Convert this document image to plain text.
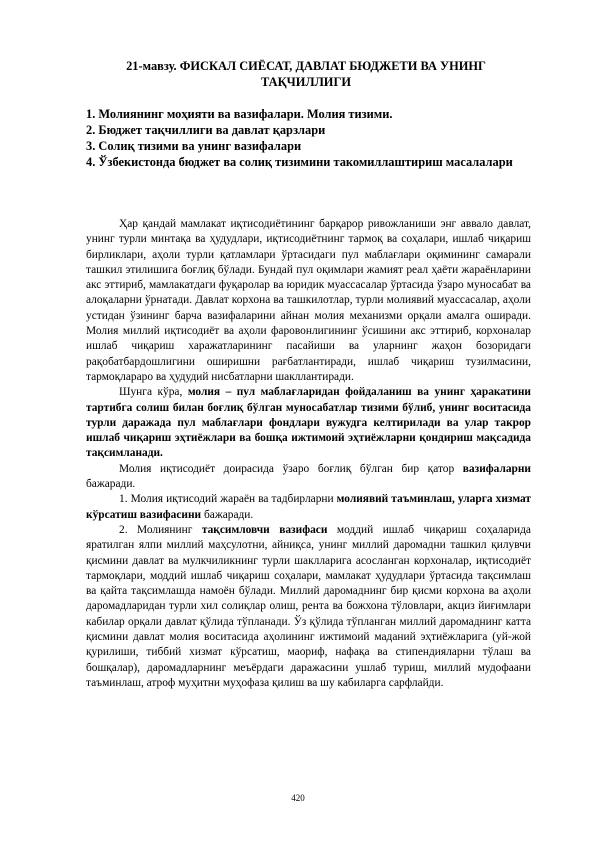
21-мавзу. ФИСКАЛ СИЁСАТ, ДАВЛАТ БЮДЖЕТИ ВА УНИНГ
ТАҚЧИЛЛИГИ
1. Молиянинг моҳияти ва вазифалари. Молия тизими.
2. Бюджет тақчиллиги ва давлат қарзлари
3. Солиқ тизими ва унинг вазифалари
4. Ўзбекистонда бюджет ва солиқ тизимини такомиллаштириш масалалари

Ҳар қандай мамлакат иқтисодиётининг барқарор ривожланиши энг аввало давлат, унинг турли минтақа ва ҳудудлари, иқтисодиётнинг тармоқ ва соҳалари, ишлаб чиқариш бирликлари, аҳоли турли қатламлари ўртасидаги пул маблағлари оқимининг самарали ташкил этилишига боғлиқ бўлади. Бундай пул оқимлари жамият реал ҳаёти жараёнларини акс эттириб, мамлакатдаги фуқаролар ва юридик муассасалар ўртасида ўзаро муносабат ва алоқаларни ўрнатади. Давлат корхона ва ташкилотлар, турли молиявий муассасалар, аҳоли устидан ўзининг барча вазифаларини айнан молия механизми орқали амалга оширади. Молия миллий иқтисодиёт ва аҳоли фаровонлигининг ўсишини акс эттириб, корхоналар ишлаб чиқариш харажатларининг пасайиши ва уларнинг жаҳон бозоридаги рақобатбардошлигини оширишни рағбатлантиради, ишлаб чиқариш тузилмасини, тармоқлараро ва ҳудудий нисбатларни шакллантиради.

Шунга кўра, молия – пул маблағларидан фойдаланиш ва унинг ҳаракатини тартибга солиш билан боғлиқ бўлган муносабатлар тизими бўлиб, унинг воситасида турли даражада пул маблағлари фондлари вужудга келтирилади ва улар такрор ишлаб чиқариш эҳтиёжлари ва бошқа ижтимоий эҳтиёжларни қондириш мақсадида тақсимланади.

Молия иқтисодиёт доирасида ўзаро боғлиқ бўлган бир қатор вазифаларни бажаради.

1. Молия иқтисодий жараён ва тадбирларни молиявий таъминлаш, уларга хизмат кўрсатиш вазифасини бажаради.

2. Молиянинг тақсимловчи вазифаси моддий ишлаб чиқариш соҳаларида яратилган ялпи миллий маҳсулотни, айниқса, унинг миллий даромадни ташкил қилувчи қисмини давлат ва мулкчиликнинг турли шаклларига асосланган корхоналар, иқтисодиёт тармоқлари, моддий ишлаб чиқариш соҳалари, мамлакат ҳудудлари ўртасида тақсимлаш ва қайта тақсимлашда намоён бўлади. Миллий даромаднинг бир қисми корхона ва аҳоли даромадларидан турли хил солиқлар олиш, рента ва божхона тўловлари, акциз йиғимлари кабилар орқали давлат қўлида тўпланади. Ўз қўлида тўпланган миллий даромаднинг катта қисмини давлат молия воситасида аҳолининг ижтимоий маданий эҳтиёжларига (уй-жой қурилиши, тиббий хизмат кўрсатиш, маориф, нафақа ва стипендияларни тўлаш ва бошқалар), даромадларнинг меъёрдаги даражасини ушлаб туриш, миллий мудофаани таъминлаш, атроф муҳитни муҳофаза қилиш ва шу кабиларга сарфлайди.

420
